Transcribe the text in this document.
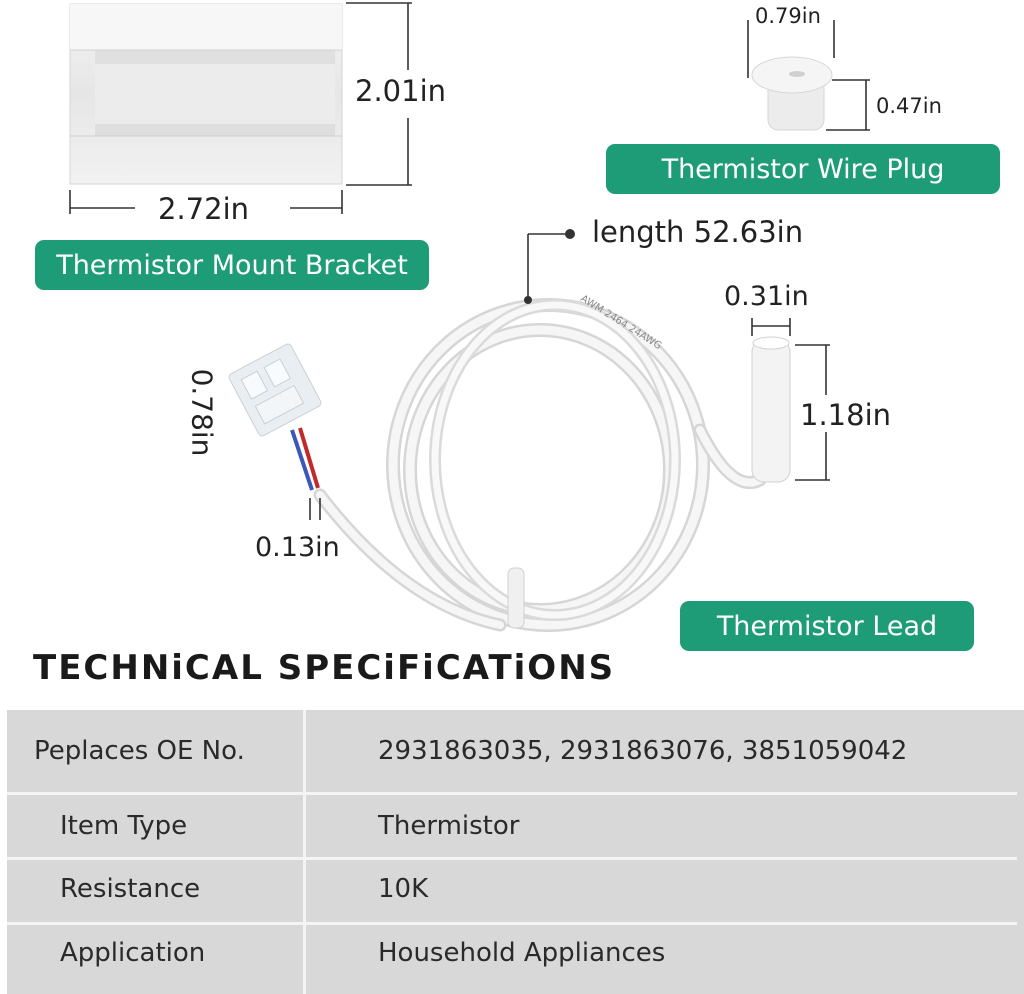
AWM 2464 24AWG
2.01in
2.72in
0.79in
0.47in
length 52.63in
0.31in
1.18in
0.78in
0.13in
Thermistor Mount Bracket
Thermistor Wire Plug
Thermistor Lead
TECHNiCAL SPECiFiCATiONS
Peplaces OE No.	2931863035, 2931863076, 3851059042
Item Type	Thermistor
Resistance	10K
Application	Household Appliances
